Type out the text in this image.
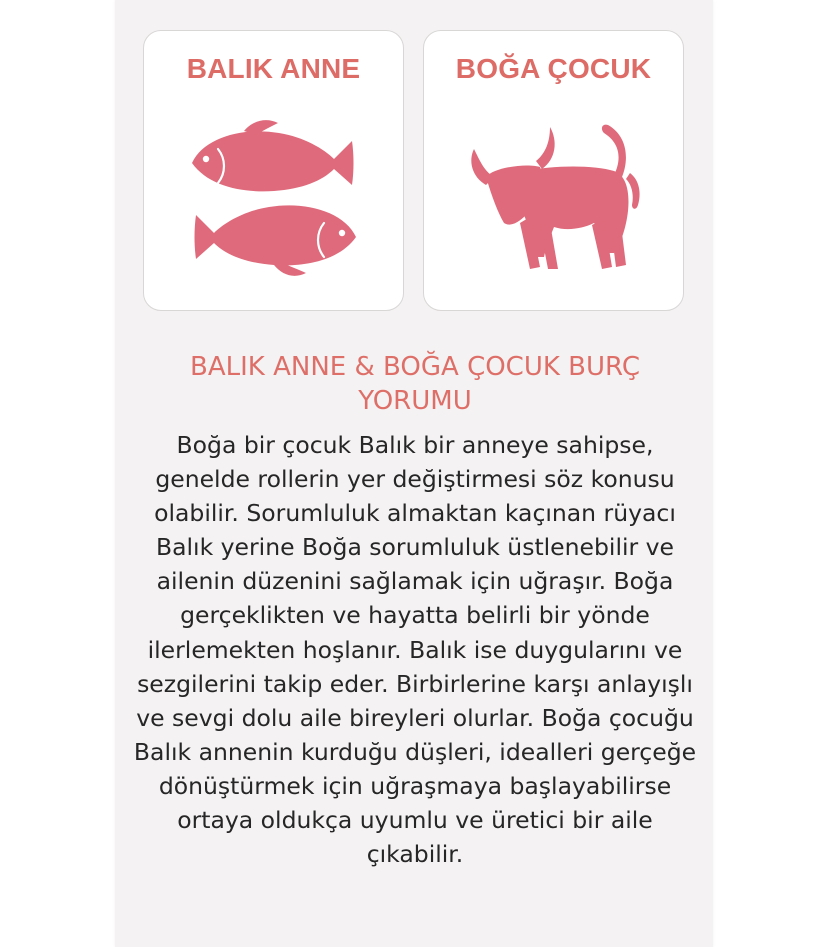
BALIK ANNE	BOĞA ÇOCUK
BALIK ANNE & BOĞA ÇOCUK BURÇ YORUMU
Boğa bir çocuk Balık bir anneye sahipse, genelde rollerin yer değiştirmesi söz konusu olabilir. Sorumluluk almaktan kaçınan rüyacı Balık yerine Boğa sorumluluk üstlenebilir ve ailenin düzenini sağlamak için uğraşır. Boğa gerçeklikten ve hayatta belirli bir yönde ilerlemekten hoşlanır. Balık ise duygularını ve sezgilerini takip eder. Birbirlerine karşı anlayışlı ve sevgi dolu aile bireyleri olurlar. Boğa çocuğu Balık annenin kurduğu düşleri, idealleri gerçeğe dönüştürmek için uğraşmaya başlayabilirse ortaya oldukça uyumlu ve üretici bir aile çıkabilir.
